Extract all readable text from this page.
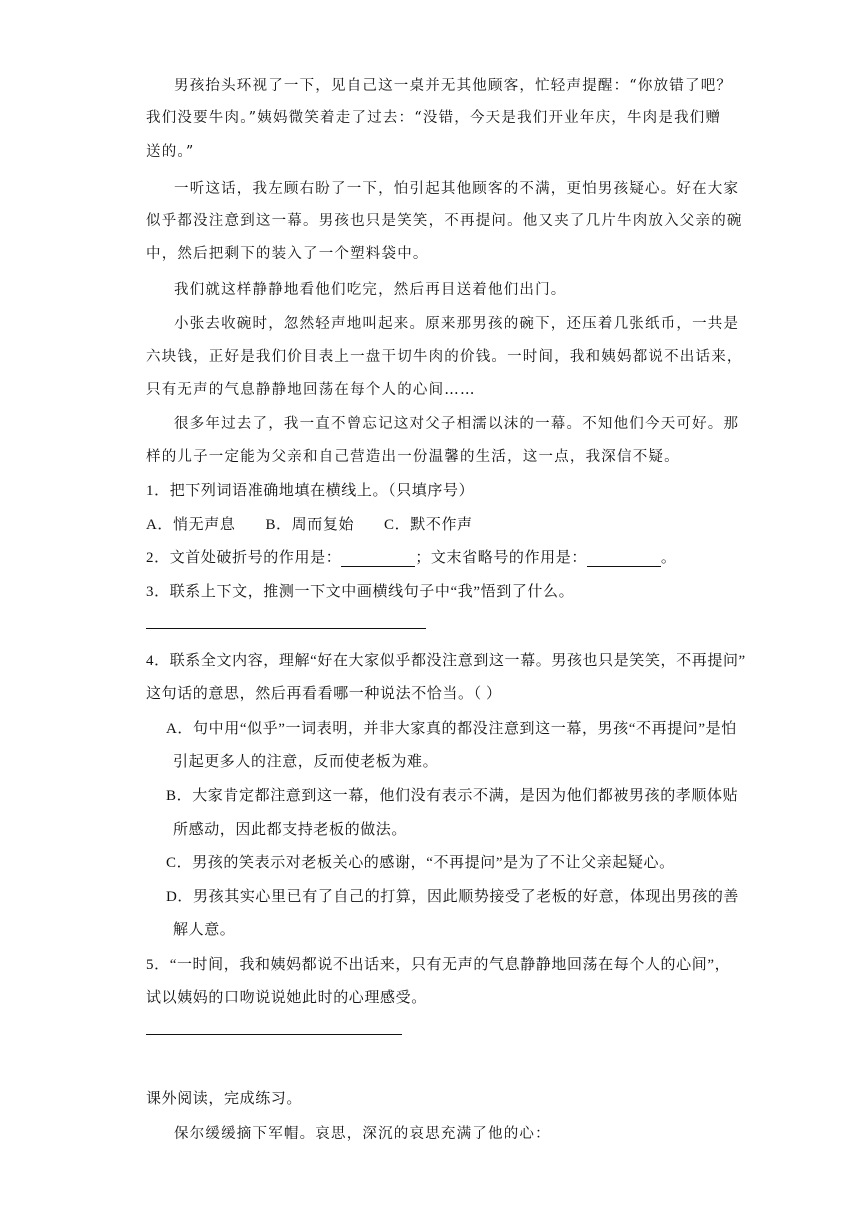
男孩抬头环视了一下，见自己这一桌并无其他顾客，忙轻声提醒：“你放错了吧？
我们没要牛肉。”姨妈微笑着走了过去：“没错，今天是我们开业年庆，牛肉是我们赠
送的。”
一听这话，我左顾右盼了一下，怕引起其他顾客的不满，更怕男孩疑心。好在大家
似乎都没注意到这一幕。男孩也只是笑笑，不再提问。他又夹了几片牛肉放入父亲的碗
中，然后把剩下的装入了一个塑料袋中。
我们就这样静静地看他们吃完，然后再目送着他们出门。
小张去收碗时，忽然轻声地叫起来。原来那男孩的碗下，还压着几张纸币，一共是
六块钱，正好是我们价目表上一盘干切牛肉的价钱。一时间，我和姨妈都说不出话来，
只有无声的气息静静地回荡在每个人的心间……
很多年过去了，我一直不曾忘记这对父子相濡以沫的一幕。不知他们今天可好。那
样的儿子一定能为父亲和自己营造出一份温馨的生活，这一点，我深信不疑。
1．把下列词语准确地填在横线上。（只填序号）
A．悄无声息 B．周而复始 C．默不作声
2．文首处破折号的作用是：	；文末省略号的作用是：	。
3．联系上下文，推测一下文中画横线句子中“我”悟到了什么。
4．联系全文内容，理解“好在大家似乎都没注意到这一幕。男孩也只是笑笑，不再提问”
这句话的意思，然后再看看哪一种说法不恰当。（ ）
A．句中用“似乎”一词表明，并非大家真的都没注意到这一幕，男孩“不再提问”是怕
引起更多人的注意，反而使老板为难。
B．大家肯定都注意到这一幕，他们没有表示不满，是因为他们都被男孩的孝顺体贴
所感动，因此都支持老板的做法。
C．男孩的笑表示对老板关心的感谢，“不再提问”是为了不让父亲起疑心。
D．男孩其实心里已有了自己的打算，因此顺势接受了老板的好意，体现出男孩的善
解人意。
5．“一时间，我和姨妈都说不出话来，只有无声的气息静静地回荡在每个人的心间”，
试以姨妈的口吻说说她此时的心理感受。
课外阅读，完成练习。
保尔缓缓摘下军帽。哀思，深沉的哀思充满了他的心：
